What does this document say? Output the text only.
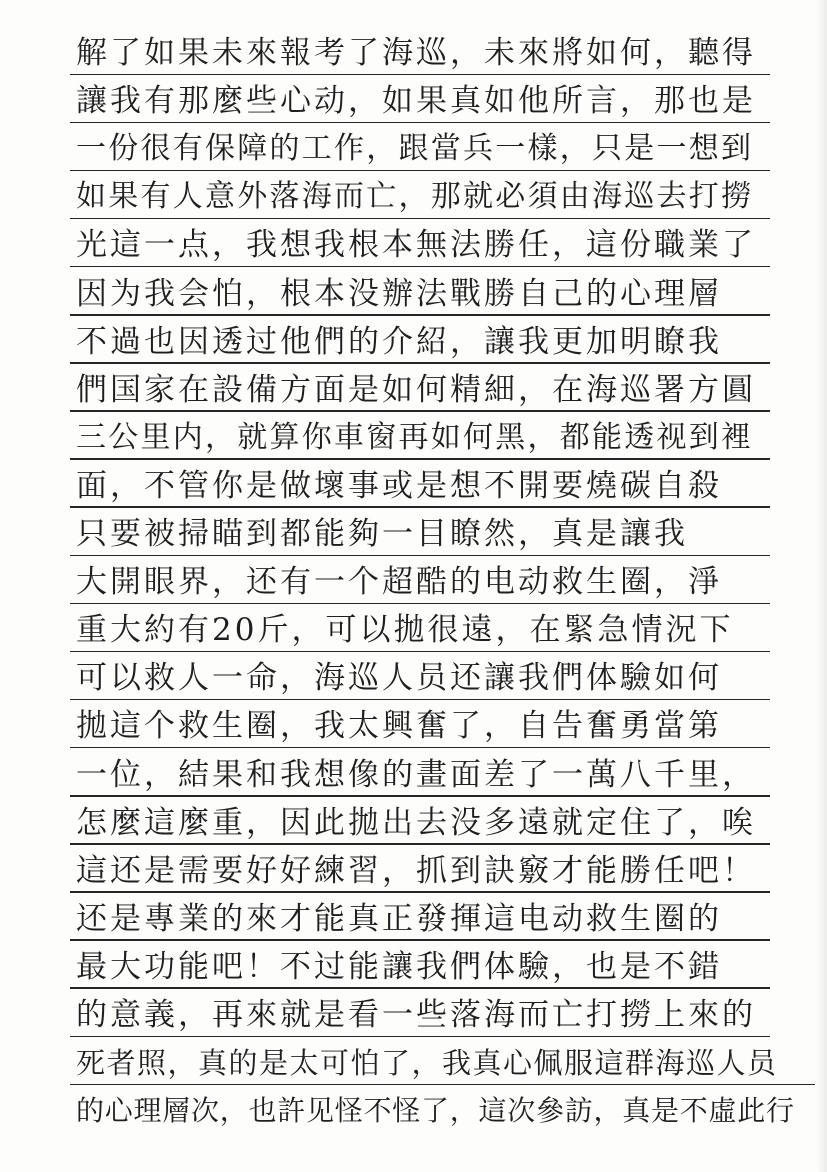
解了如果未來報考了海巡，未來將如何，聽得
讓我有那麼些心动，如果真如他所言，那也是
一份很有保障的工作，跟當兵一樣，只是一想到
如果有人意外落海而亡，那就必須由海巡去打撈
光這一点，我想我根本無法勝任，這份職業了
因为我会怕，根本没辦法戰勝自己的心理層
不過也因透过他們的介紹，讓我更加明瞭我
們国家在設備方面是如何精細，在海巡署方圓
三公里内，就算你車窗再如何黑，都能透视到裡
面，不管你是做壞事或是想不開要燒碳自殺
只要被掃瞄到都能夠一目瞭然，真是讓我
大開眼界，还有一个超酷的电动救生圈，淨
重大約有20斤，可以拋很遠，在緊急情況下
可以救人一命，海巡人员还讓我們体驗如何
拋這个救生圈，我太興奮了，自告奮勇當第
一位，結果和我想像的畫面差了一萬八千里，
怎麼這麼重，因此拋出去没多遠就定住了，唉
這还是需要好好練習，抓到訣竅才能勝任吧！
还是專業的來才能真正發揮這电动救生圈的
最大功能吧！不过能讓我們体驗，也是不錯
的意義，再來就是看一些落海而亡打撈上來的
死者照，真的是太可怕了，我真心佩服這群海巡人员
的心理層次，也許见怪不怪了，這次參訪，真是不虛此行
